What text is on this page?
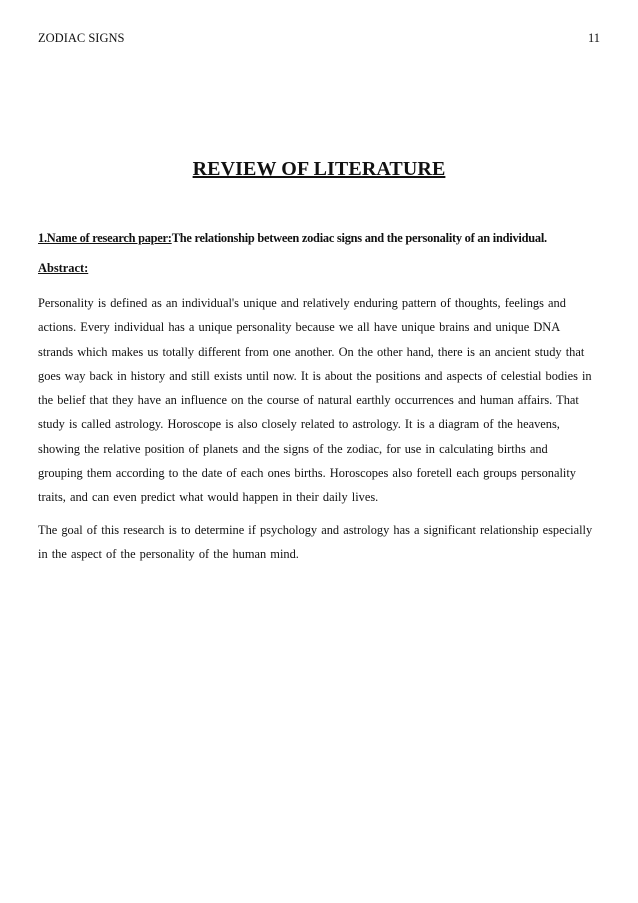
ZODIAC SIGNS	11
REVIEW OF LITERATURE
1.Name of research paper:The relationship between zodiac signs and the personality of an individual.
Abstract:
Personality is defined as an individual's unique and relatively enduring pattern of thoughts, feelings and
actions. Every individual has a unique personality because we all have unique brains and unique DNA
strands which makes us totally different from one another. On the other hand, there is an ancient study that
goes way back in history and still exists until now. It is about the positions and aspects of celestial bodies in
the belief that they have an influence on the course of natural earthly occurrences and human affairs. That
study is called astrology. Horoscope is also closely related to astrology. It is a diagram of the heavens,
showing the relative position of planets and the signs of the zodiac, for use in calculating births and
grouping them according to the date of each ones births. Horoscopes also foretell each groups personality
traits, and can even predict what would happen in their daily lives.
The goal of this research is to determine if psychology and astrology has a significant relationship especially
in the aspect of the personality of the human mind.
